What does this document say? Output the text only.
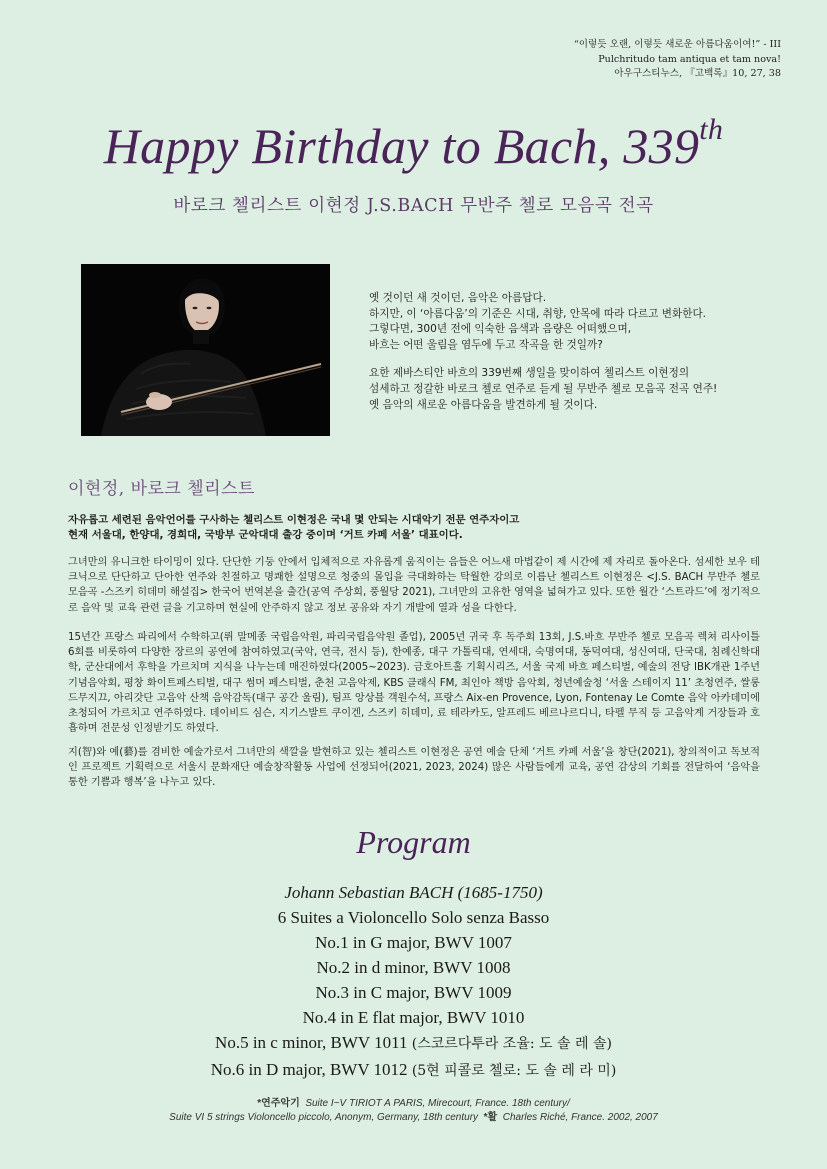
“이렇듯 오랜, 이렇듯 새로운 아름다움이여!” - III
Pulchritudo tam antiqua et tam nova!
아우구스티누스, 『고백록』10, 27, 38
Happy Birthday to Bach, 339th
바로크 첼리스트 이현정 J.S.BACH 무반주 첼로 모음곡 전곡
옛 것이던 새 것이던, 음악은 아름답다.
하지만, 이 ‘아름다움’의 기준은 시대, 취향, 안목에 따라 다르고 변화한다.
그렇다면, 300년 전에 익숙한 음색과 음량은 어떠했으며,
바흐는 어떤 울림을 염두에 두고 작곡을 한 것일까?
요한 제바스티안 바흐의 339번째 생일을 맞이하여 첼리스트 이현정의
섬세하고 정갈한 바로크 첼로 연주로 듣게 될 무반주 첼로 모음곡 전곡 연주!
옛 음악의 새로운 아름다움을 발견하게 될 것이다.
이현정, 바로크 첼리스트
자유롭고 세련된 음악언어를 구사하는 첼리스트 이현정은 국내 몇 안되는 시대악기 전문 연주자이고
현재 서울대, 한양대, 경희대, 국방부 군악대대 출강 중이며 ‘거트 카페 서울’ 대표이다.
그녀만의 유니크한 타이밍이 있다. 단단한 기둥 안에서 입체적으로 자유롭게 움직이는 음들은 어느새 마법같이 제 시간에 제 자리로 돌아온다. 섬세한 보우 테크닉으로 단단하고 단아한 연주와 친절하고 명쾌한 설명으로 청중의 몰입을 극대화하는 탁월한 강의로 이름난 첼리스트 이현정은 <J.S. BACH 무반주 첼로 모음곡 -스즈키 히데미 해설집> 한국어 번역본을 출간(공역 주상희, 풍월당 2021), 그녀만의 고유한 영역을 넓혀가고 있다. 또한 월간 ‘스트라드’에 정기적으로 음악 및 교육 관련 글을 기고하며 현실에 안주하지 않고 정보 공유와 자기 개발에 열과 성을 다한다.
15년간 프랑스 파리에서 수학하고(뤼 말메종 국립음악원, 파리국립음악원 졸업), 2005년 귀국 후 독주회 13회, J.S.바흐 무반주 첼로 모음곡 렉쳐 리사이틀 6회를 비롯하여 다양한 장르의 공연에 참여하였고(국악, 연극, 전시 등), 한예종, 대구 가톨릭대, 연세대, 숙명여대, 동덕여대, 성신여대, 단국대, 침례신학대학, 군산대에서 후학을 가르치며 지식을 나누는데 매진하였다(2005~2023). 금호아트홀 기획시리즈, 서울 국제 바흐 페스티벌, 예술의 전당 IBK개관 1주년 기념음악회, 평창 화이트페스티벌, 대구 썸머 페스티벌, 춘천 고음악제, KBS 클래식 FM, 최인아 책방 음악회, 청년예술청 ‘서울 스테이지 11’ 초청연주, 쌀롱드무지끄, 아리갓단 고음악 산책 음악감독(대구 공간 울림), 팀프 앙상블 객원수석, 프랑스 Aix-en Provence, Lyon, Fontenay Le Comte 음악 아카데미에 초청되어 가르치고 연주하였다. 데이비드 심슨, 지기스발트 쿠이겐, 스즈키 히데미, 료 테라카도, 알프레드 베르나르디니, 타펠 무직 등 고음악계 거장들과 호흡하며 전문성 인정받기도 하였다.
지(智)와 예(藝)를 겸비한 예술가로서 그녀만의 색깔을 발현하고 있는 첼리스트 이현정은 공연 예술 단체 ‘거트 카페 서울’을 창단(2021), 창의적이고 독보적인 프로젝트 기획력으로 서울시 문화재단 예술창작활동 사업에 선정되어(2021, 2023, 2024) 많은 사람들에게 교육, 공연 감상의 기회를 전달하여 ‘음악을 통한 기쁨과 행복’을 나누고 있다.
Program
Johann Sebastian BACH (1685-1750)
6 Suites a Violoncello Solo senza Basso
No.1 in G major, BWV 1007
No.2 in d minor, BWV 1008
No.3 in C major, BWV 1009
No.4 in E flat major, BWV 1010
No.5 in c minor, BWV 1011 (스코르다투라 조율: 도 솔 레 솔)
No.6 in D major, BWV 1012 (5현 피콜로 첼로: 도 솔 레 라 미)
*연주악기 Suite I~V TIRIOT A PARIS, Mirecourt, France. 18th century/
Suite VI 5 strings Violoncello piccolo, Anonym, Germany, 18th century *활 Charles Riché, France. 2002, 2007
